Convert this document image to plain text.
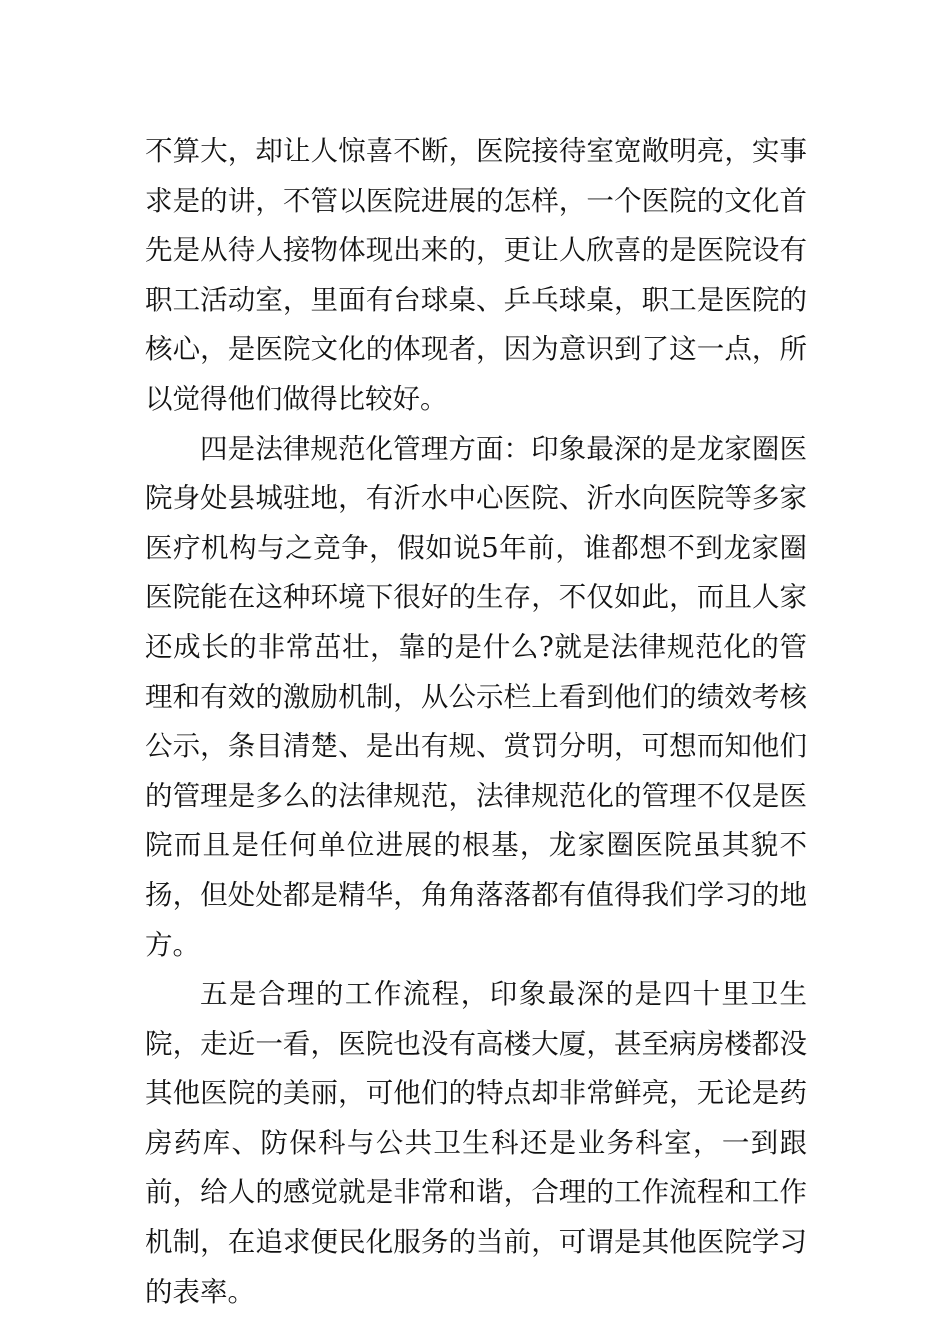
不算大，却让人惊喜不断，医院接待室宽敞明亮，实事求是的讲，不管以医院进展的怎样，一个医院的文化首先是从待人接物体现出来的，更让人欣喜的是医院设有职工活动室，里面有台球桌、乒乓球桌，职工是医院的核心，是医院文化的体现者，因为意识到了这一点，所以觉得他们做得比较好。

四是法律规范化管理方面：印象最深的是龙家圈医院身处县城驻地，有沂水中心医院、沂水向医院等多家医疗机构与之竞争，假如说5年前，谁都想不到龙家圈医院能在这种环境下很好的生存，不仅如此，而且人家还成长的非常茁壮，靠的是什么?就是法律规范化的管理和有效的激励机制，从公示栏上看到他们的绩效考核公示，条目清楚、是出有规、赏罚分明，可想而知他们的管理是多么的法律规范，法律规范化的管理不仅是医院而且是任何单位进展的根基，龙家圈医院虽其貌不扬，但处处都是精华，角角落落都有值得我们学习的地方。

五是合理的工作流程，印象最深的是四十里卫生院，走近一看，医院也没有高楼大厦，甚至病房楼都没其他医院的美丽，可他们的特点却非常鲜亮，无论是药房药库、防保科与公共卫生科还是业务科室，一到跟前，给人的感觉就是非常和谐，合理的工作流程和工作机制，在追求便民化服务的当前，可谓是其他医院学习的表率。
